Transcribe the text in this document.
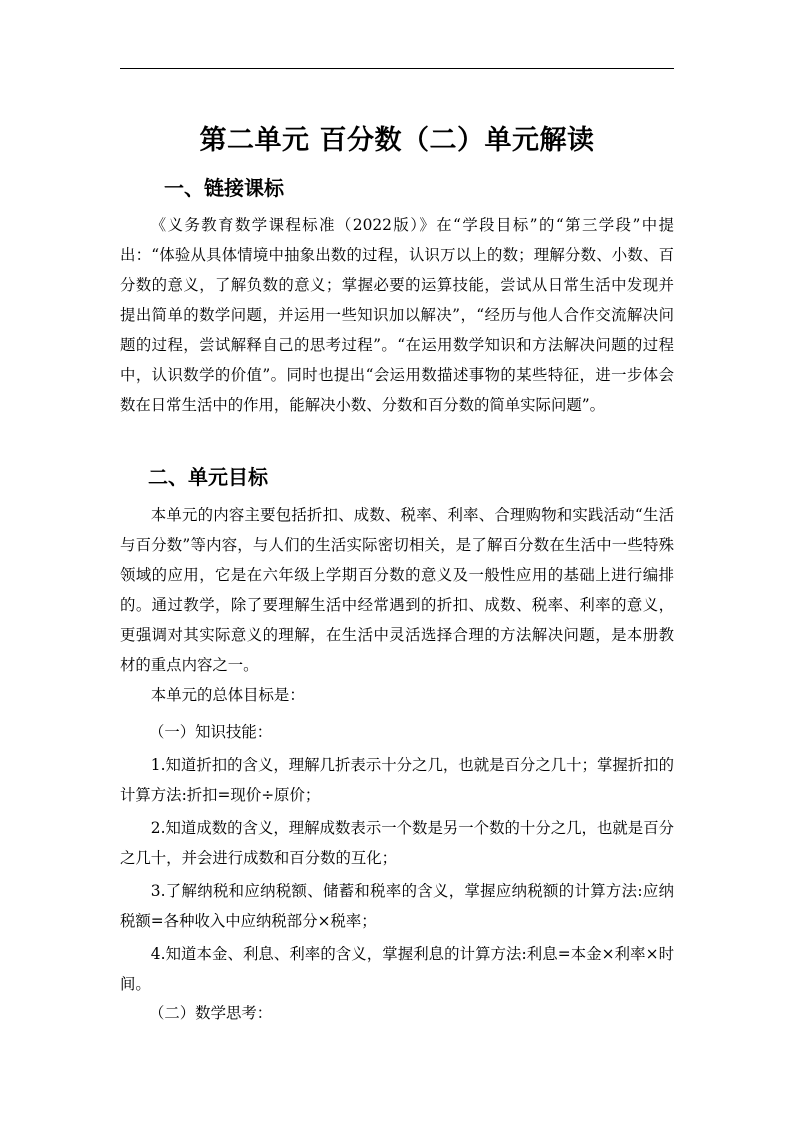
第二单元 百分数（二）单元解读
一、链接课标

《义务教育数学课程标准（2022版）》在“学段目标”的“第三学段”中提出：“体验从具体情境中抽象出数的过程，认识万以上的数；理解分数、小数、百分数的意义，了解负数的意义；掌握必要的运算技能，尝试从日常生活中发现并提出简单的数学问题，并运用一些知识加以解决”，“经历与他人合作交流解决问题的过程，尝试解释自己的思考过程”。“在运用数学知识和方法解决问题的过程中，认识数学的价值”。同时也提出“会运用数描述事物的某些特征，进一步体会数在日常生活中的作用，能解决小数、分数和百分数的简单实际问题”。

二、单元目标

本单元的内容主要包括折扣、成数、税率、利率、合理购物和实践活动“生活与百分数”等内容，与人们的生活实际密切相关，是了解百分数在生活中一些特殊领域的应用，它是在六年级上学期百分数的意义及一般性应用的基础上进行编排的。通过教学，除了要理解生活中经常遇到的折扣、成数、税率、利率的意义，更强调对其实际意义的理解，在生活中灵活选择合理的方法解决问题，是本册教材的重点内容之一。

本单元的总体目标是：

（一）知识技能：

1.知道折扣的含义，理解几折表示十分之几，也就是百分之几十；掌握折扣的计算方法:折扣=现价÷原价；

2.知道成数的含义，理解成数表示一个数是另一个数的十分之几，也就是百分之几十，并会进行成数和百分数的互化；

3.了解纳税和应纳税额、储蓄和税率的含义，掌握应纳税额的计算方法:应纳税额=各种收入中应纳税部分×税率；

4.知道本金、利息、利率的含义，掌握利息的计算方法:利息=本金×利率×时间。

（二）数学思考：
